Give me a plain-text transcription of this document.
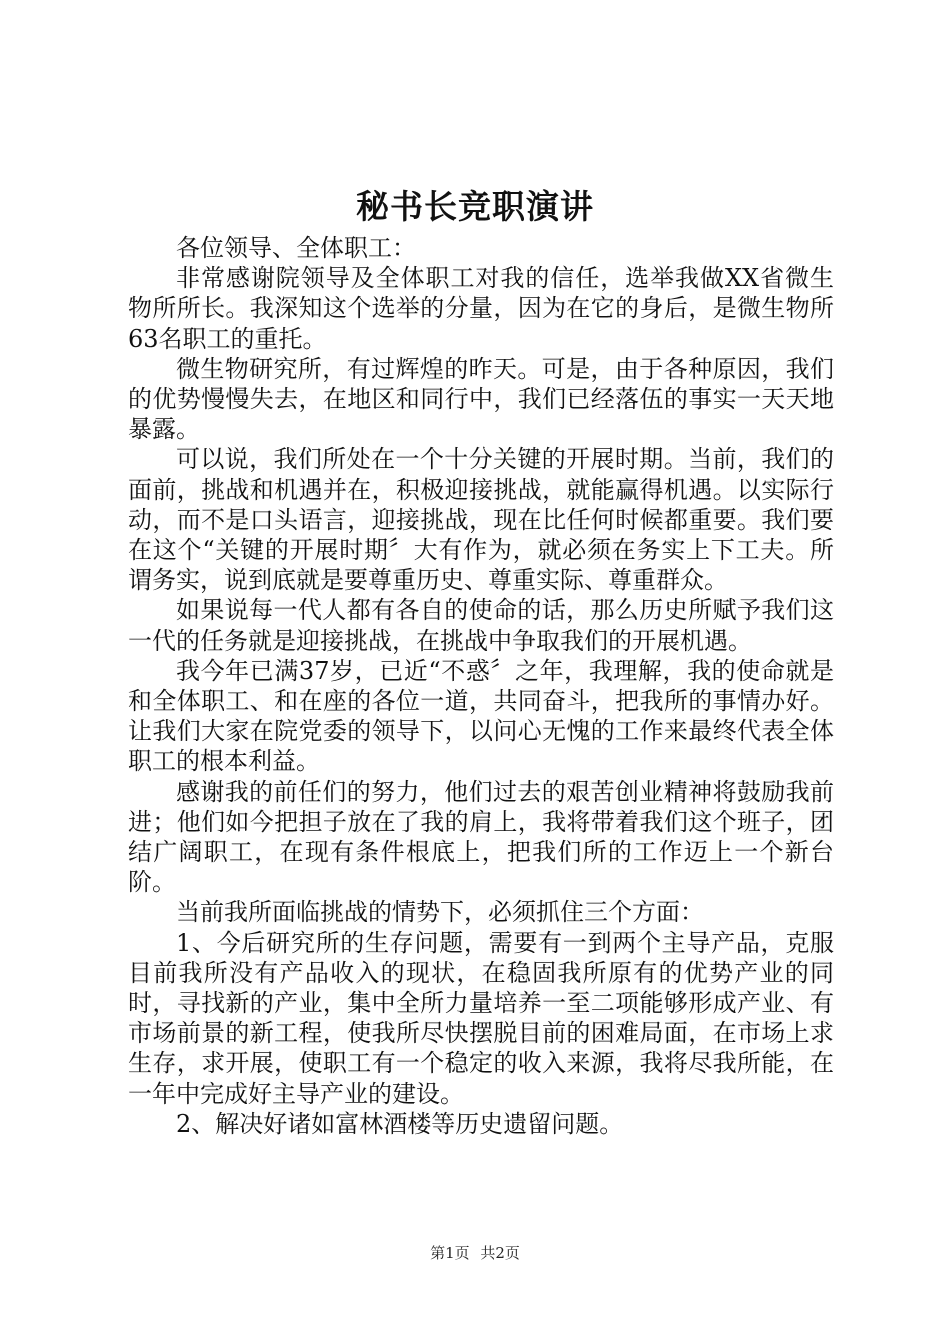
秘书长竞职演讲

各位领导、全体职工：

非常感谢院领导及全体职工对我的信任，选举我做XX省微生物所所长。我深知这个选举的分量，因为在它的身后，是微生物所63名职工的重托。

微生物研究所，有过辉煌的昨天。可是，由于各种原因，我们的优势慢慢失去，在地区和同行中，我们已经落伍的事实一天天地暴露。

可以说，我们所处在一个十分关键的开展时期。当前，我们的面前，挑战和机遇并在，积极迎接挑战，就能赢得机遇。以实际行动，而不是口头语言，迎接挑战，现在比任何时候都重要。我们要在这个“关键的开展时期〞大有作为，就必须在务实上下工夫。所谓务实，说到底就是要尊重历史、尊重实际、尊重群众。

如果说每一代人都有各自的使命的话，那么历史所赋予我们这一代的任务就是迎接挑战，在挑战中争取我们的开展机遇。

我今年已满37岁，已近“不惑〞之年，我理解，我的使命就是和全体职工、和在座的各位一道，共同奋斗，把我所的事情办好。让我们大家在院党委的领导下，以问心无愧的工作来最终代表全体职工的根本利益。

感谢我的前任们的努力，他们过去的艰苦创业精神将鼓励我前进；他们如今把担子放在了我的肩上，我将带着我们这个班子，团结广阔职工，在现有条件根底上，把我们所的工作迈上一个新台阶。

当前我所面临挑战的情势下，必须抓住三个方面：

1、今后研究所的生存问题，需要有一到两个主导产品，克服目前我所没有产品收入的现状，在稳固我所原有的优势产业的同时，寻找新的产业，集中全所力量培养一至二项能够形成产业、有市场前景的新工程，使我所尽快摆脱目前的困难局面，在市场上求生存，求开展，使职工有一个稳定的收入来源，我将尽我所能，在一年中完成好主导产业的建设。

2、解决好诸如富林酒楼等历史遗留问题。

第1页 共2页
